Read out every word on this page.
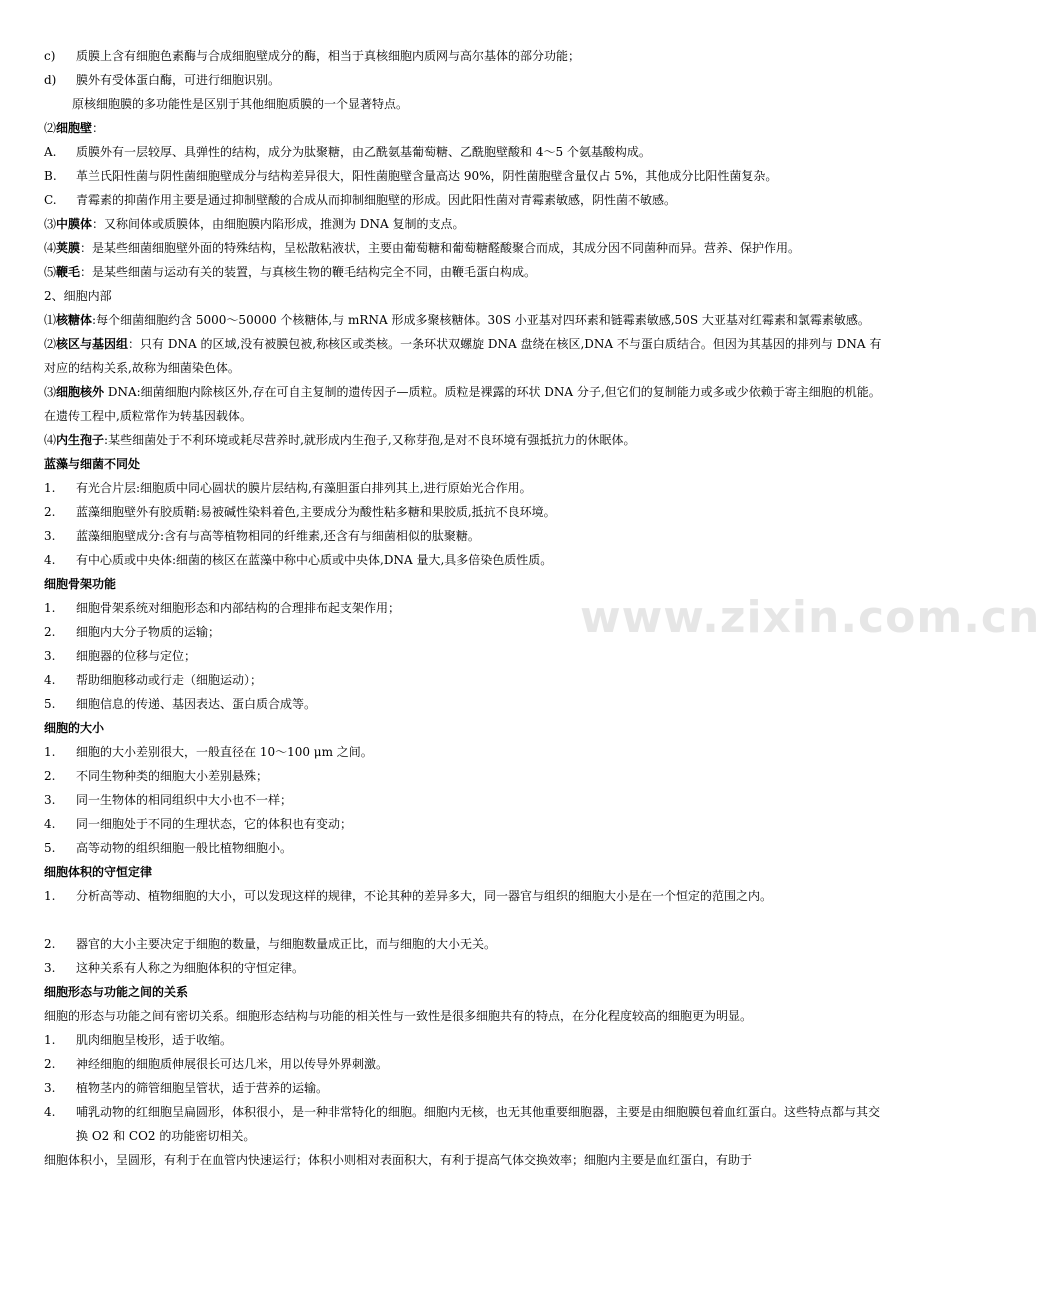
www.zixin.com.cn
c)	质膜上含有细胞色素酶与合成细胞壁成分的酶，相当于真核细胞内质网与高尔基体的部分功能；
d)	膜外有受体蛋白酶，可进行细胞识别。
原核细胞膜的多功能性是区别于其他细胞质膜的一个显著特点。
⑵细胞壁：
A.	质膜外有一层较厚、具弹性的结构，成分为肽聚糖，由乙酰氨基葡萄糖、乙酰胞壁酸和 4～5 个氨基酸构成。
B.	革兰氏阳性菌与阴性菌细胞壁成分与结构差异很大，阳性菌胞壁含量高达 90%，阴性菌胞壁含量仅占 5%，其他成分比阳性菌复杂。
C.	青霉素的抑菌作用主要是通过抑制壁酸的合成从而抑制细胞壁的形成。因此阳性菌对青霉素敏感，阴性菌不敏感。
⑶中膜体：又称间体或质膜体，由细胞膜内陷形成，推测为 DNA 复制的支点。
⑷荚膜：是某些细菌细胞壁外面的特殊结构，呈松散粘液状，主要由葡萄糖和葡萄糖醛酸聚合而成，其成分因不同菌种而异。营养、保护作用。
⑸鞭毛：是某些细菌与运动有关的装置，与真核生物的鞭毛结构完全不同，由鞭毛蛋白构成。
2、细胞内部
⑴核糖体:每个细菌细胞约含 5000～50000 个核糖体,与 mRNA 形成多聚核糖体。30S 小亚基对四环素和链霉素敏感,50S 大亚基对红霉素和氯霉素敏感。
⑵核区与基因组：只有 DNA 的区域,没有被膜包被,称核区或类核。一条环状双螺旋 DNA 盘绕在核区,DNA 不与蛋白质结合。但因为其基因的排列与 DNA 有对应的结构关系,故称为细菌染色体。
⑶细胞核外 DNA:细菌细胞内除核区外,存在可自主复制的遗传因子—质粒。质粒是裸露的环状 DNA 分子,但它们的复制能力或多或少依赖于寄主细胞的机能。在遗传工程中,质粒常作为转基因载体。
⑷内生孢子:某些细菌处于不利环境或耗尽营养时,就形成内生孢子,又称芽孢,是对不良环境有强抵抗力的休眠体。
蓝藻与细菌不同处
1.	有光合片层:细胞质中同心圆状的膜片层结构,有藻胆蛋白排列其上,进行原始光合作用。
2.	蓝藻细胞壁外有胶质鞘:易被碱性染料着色,主要成分为酸性粘多糖和果胶质,抵抗不良环境。
3.	蓝藻细胞壁成分:含有与高等植物相同的纤维素,还含有与细菌相似的肽聚糖。
4.	有中心质或中央体:细菌的核区在蓝藻中称中心质或中央体,DNA 量大,具多倍染色质性质。
细胞骨架功能
1.	细胞骨架系统对细胞形态和内部结构的合理排布起支架作用；
2.	细胞内大分子物质的运输；
3.	细胞器的位移与定位；
4.	帮助细胞移动或行走（细胞运动）；
5.	细胞信息的传递、基因表达、蛋白质合成等。
细胞的大小
1.	细胞的大小差别很大，一般直径在 10～100 μm 之间。
2.	不同生物种类的细胞大小差别悬殊；
3.	同一生物体的相同组织中大小也不一样；
4.	同一细胞处于不同的生理状态，它的体积也有变动；
5.	高等动物的组织细胞一般比植物细胞小。
细胞体积的守恒定律
1.	分析高等动、植物细胞的大小，可以发现这样的规律，不论其种的差异多大，同一器官与组织的细胞大小是在一个恒定的范围之内。
2.	器官的大小主要决定于细胞的数量，与细胞数量成正比，而与细胞的大小无关。
3.	这种关系有人称之为细胞体积的守恒定律。
细胞形态与功能之间的关系
细胞的形态与功能之间有密切关系。细胞形态结构与功能的相关性与一致性是很多细胞共有的特点，在分化程度较高的细胞更为明显。
1.	肌肉细胞呈梭形，适于收缩。
2.	神经细胞的细胞质伸展很长可达几米，用以传导外界刺激。
3.	植物茎内的筛管细胞呈管状，适于营养的运输。
4.	哺乳动物的红细胞呈扁圆形，体积很小，是一种非常特化的细胞。细胞内无核，也无其他重要细胞器，主要是由细胞膜包着血红蛋白。这些特点都与其交换 O2 和 CO2 的功能密切相关。
细胞体积小，呈圆形，有利于在血管内快速运行；体积小则相对表面积大，有利于提高气体交换效率；细胞内主要是血红蛋白，有助于
